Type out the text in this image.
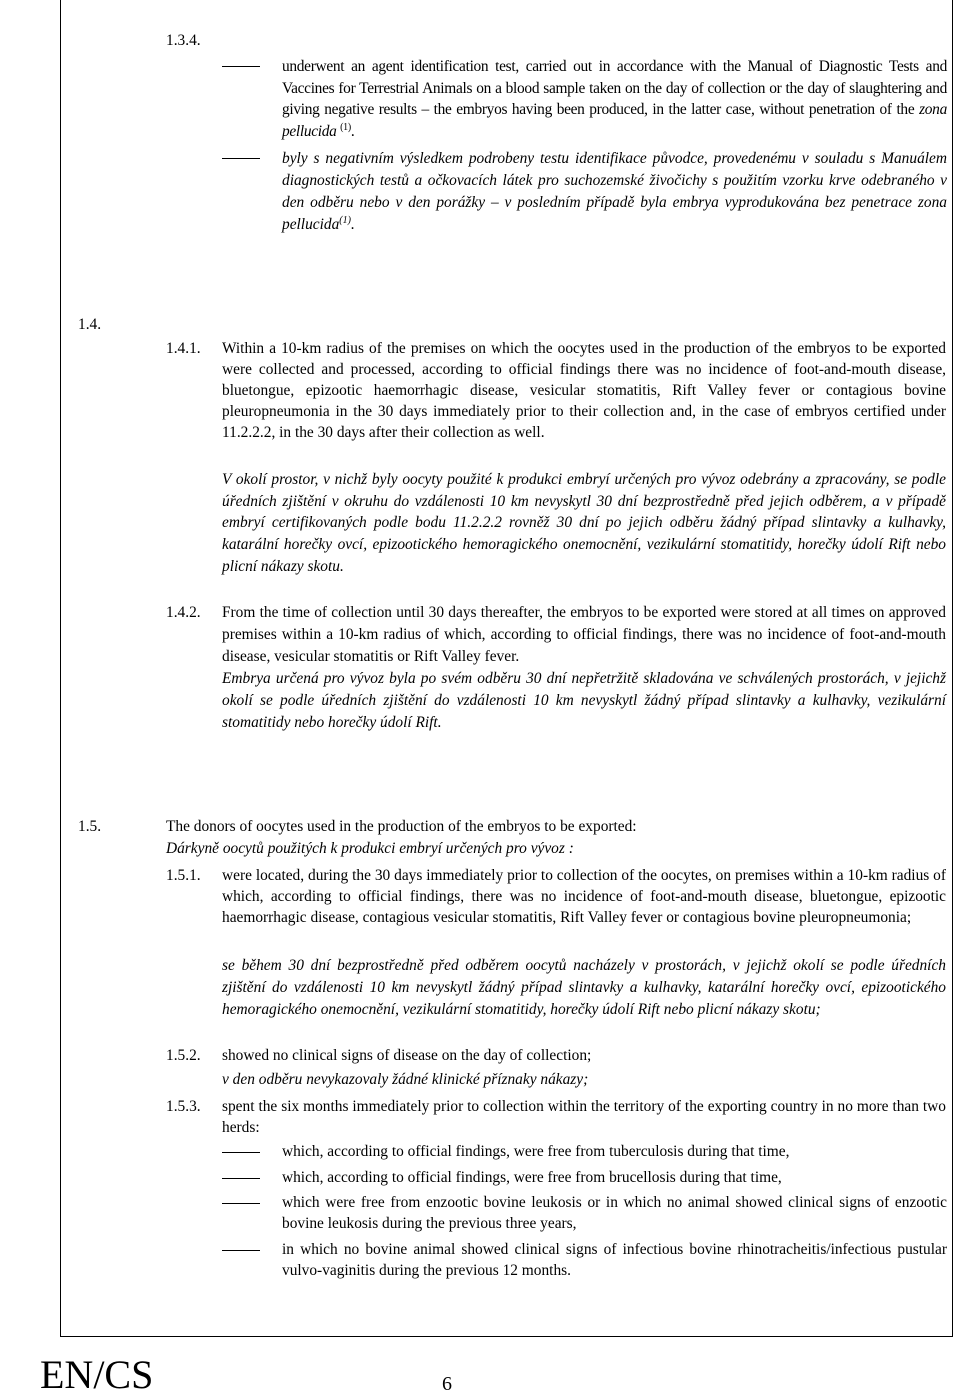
1.3.4.
underwent an agent identification test, carried out in accordance with the Manual of Diagnostic Tests and Vaccines for Terrestrial Animals on a blood sample taken on the day of collection or the day of slaughtering and giving negative results – the embryos having been produced, in the latter case, without penetration of the zona pellucida $^{(1)}$.
byly s negativním výsledkem podrobeny testu identifikace původce, provedenému v souladu s Manuálem diagnostických testů a očkovacích látek pro suchozemské živočichy s použitím vzorku krve odebraného v den odběru nebo v den porážky – v posledním případě byla embrya vyprodukována bez penetrace zona pellucida$^{(1)}$.
1.4.
1.4.1. Within a 10-km radius of the premises on which the oocytes used in the production of the embryos to be exported were collected and processed, according to official findings there was no incidence of foot-and-mouth disease, bluetongue, epizootic haemorrhagic disease, vesicular stomatitis, Rift Valley fever or contagious bovine pleuropneumonia in the 30 days immediately prior to their collection and, in the case of embryos certified under 11.2.2.2, in the 30 days after their collection as well.
V okolí prostor, v nichž byly oocyty použité k produkci embryí určených pro vývoz odebrány a zpracovány, se podle úředních zjištění v okruhu do vzdálenosti 10 km nevyskytl 30 dní bezprostředně před jejich odběrem, a v případě embryí certifikovaných podle bodu 11.2.2.2 rovněž 30 dní po jejich odběru žádný případ slintavky a kulhavky, katarální horečky ovcí, epizootického hemoragického onemocnění, vezikulární stomatitidy, horečky údolí Rift nebo plicní nákazy skotu.
1.4.2. From the time of collection until 30 days thereafter, the embryos to be exported were stored at all times on approved premises within a 10-km radius of which, according to official findings, there was no incidence of foot-and-mouth disease, vesicular stomatitis or Rift Valley fever.
Embrya určená pro vývoz byla po svém odběru 30 dní nepřetržitě skladována ve schválených prostorách, v jejichž okolí se podle úředních zjištění do vzdálenosti 10 km nevyskytl žádný případ slintavky a kulhavky, vezikulární stomatitidy nebo horečky údolí Rift.
1.5.	The donors of oocytes used in the production of the embryos to be exported:
Dárkyně oocytů použitých k produkci embryí určených pro vývoz :
1.5.1. were located, during the 30 days immediately prior to collection of the oocytes, on premises within a 10-km radius of which, according to official findings, there was no incidence of foot-and-mouth disease, bluetongue, epizootic haemorrhagic disease, contagious vesicular stomatitis, Rift Valley fever or contagious bovine pleuropneumonia;
se během 30 dní bezprostředně před odběrem oocytů nacházely v prostorách, v jejichž okolí se podle úředních zjištění do vzdálenosti 10 km nevyskytl žádný případ slintavky a kulhavky, katarální horečky ovcí, epizootického hemoragického onemocnění, vezikulární stomatitidy, horečky údolí Rift nebo plicní nákazy skotu;
1.5.2. showed no clinical signs of disease on the day of collection;
v den odběru nevykazovaly žádné klinické příznaky nákazy;
1.5.3. spent the six months immediately prior to collection within the territory of the exporting country in no more than two herds:
which, according to official findings, were free from tuberculosis during that time,
which, according to official findings, were free from brucellosis during that time,
which were free from enzootic bovine leukosis or in which no animal showed clinical signs of enzootic bovine leukosis during the previous three years,
in which no bovine animal showed clinical signs of infectious bovine rhinotracheitis/infectious pustular vulvo-vaginitis during the previous 12 months.
EN/CS	6
